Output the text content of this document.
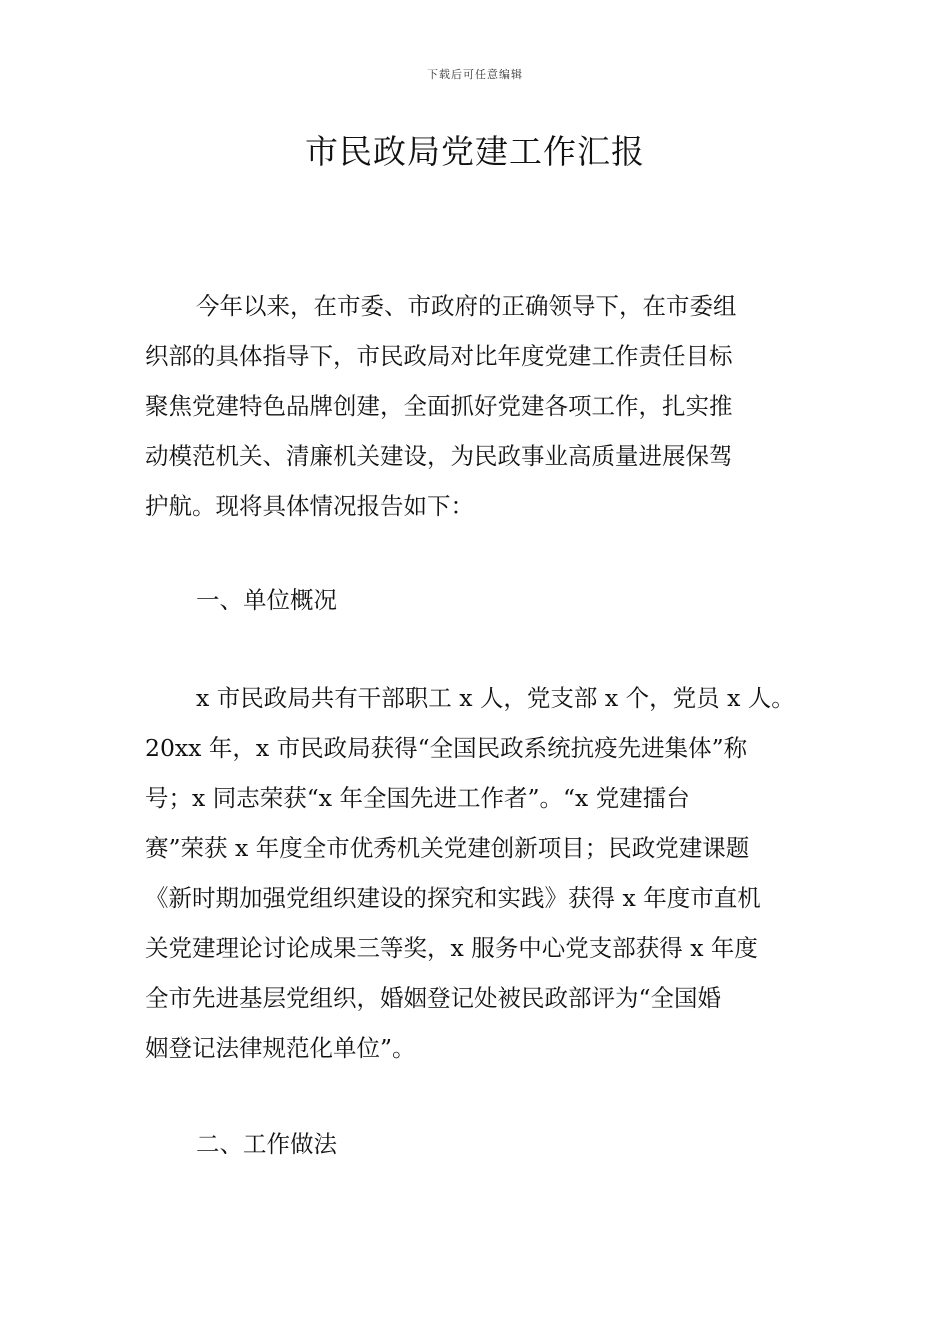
下载后可任意编辑
市民政局党建工作汇报
今年以来，在市委、市政府的正确领导下，在市委组
织部的具体指导下，市民政局对比年度党建工作责任目标
聚焦党建特色品牌创建，全面抓好党建各项工作，扎实推
动模范机关、清廉机关建设，为民政事业高质量进展保驾
护航。现将具体情况报告如下：
一、单位概况
x 市民政局共有干部职工 x 人，党支部 x 个，党员 x 人。
20xx 年，x 市民政局获得“全国民政系统抗疫先进集体”称
号；x 同志荣获“x 年全国先进工作者”。“x 党建擂台
赛”荣获 x 年度全市优秀机关党建创新项目；民政党建课题
《新时期加强党组织建设的探究和实践》获得 x 年度市直机
关党建理论讨论成果三等奖，x 服务中心党支部获得 x 年度
全市先进基层党组织，婚姻登记处被民政部评为“全国婚
姻登记法律规范化单位”。
二、工作做法
